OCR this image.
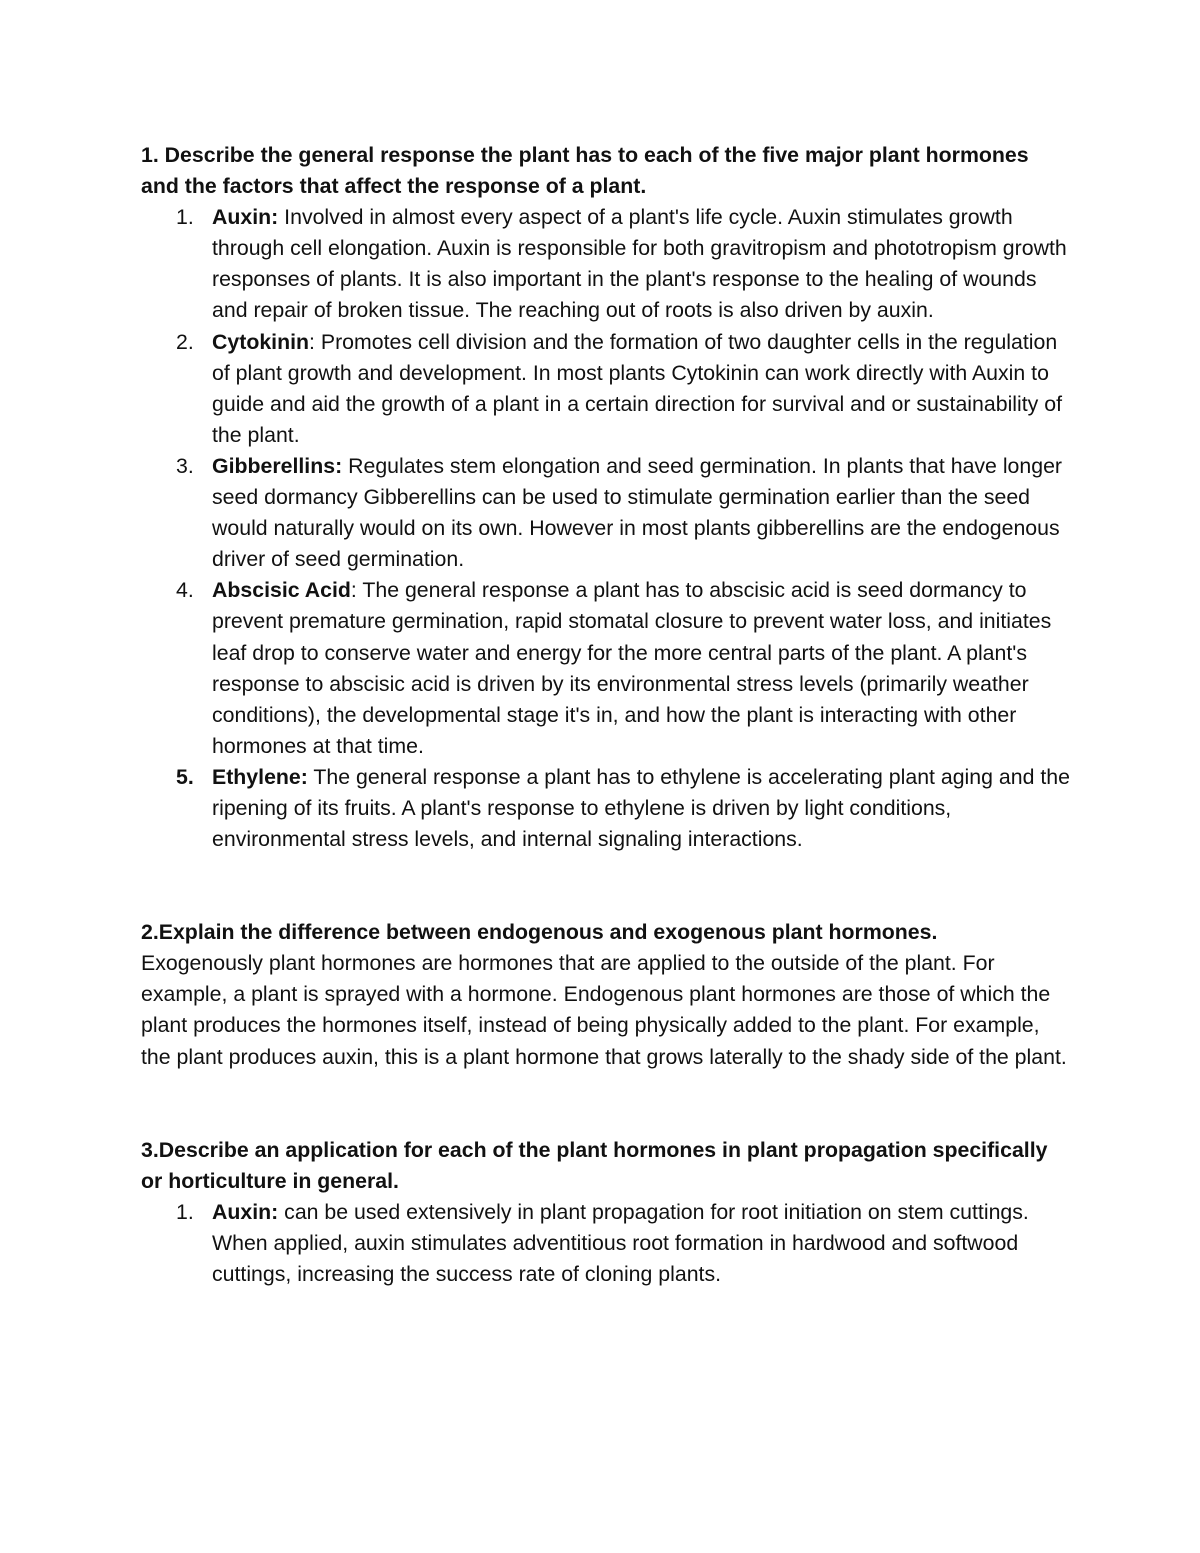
1. Describe the general response the plant has to each of the five major plant hormones and the factors that affect the response of a plant.

1. Auxin: Involved in almost every aspect of a plant's life cycle. Auxin stimulates growth through cell elongation. Auxin is responsible for both gravitropism and phototropism growth responses of plants. It is also important in the plant's response to the healing of wounds and repair of broken tissue. The reaching out of roots is also driven by auxin.
2. Cytokinin: Promotes cell division and the formation of two daughter cells in the regulation of plant growth and development. In most plants Cytokinin can work directly with Auxin to guide and aid the growth of a plant in a certain direction for survival and or sustainability of the plant.
3. Gibberellins: Regulates stem elongation and seed germination. In plants that have longer seed dormancy Gibberellins can be used to stimulate germination earlier than the seed would naturally would on its own. However in most plants gibberellins are the endogenous driver of seed germination.
4. Abscisic Acid: The general response a plant has to abscisic acid is seed dormancy to prevent premature germination, rapid stomatal closure to prevent water loss, and initiates leaf drop to conserve water and energy for the more central parts of the plant. A plant's response to abscisic acid is driven by its environmental stress levels (primarily weather conditions), the developmental stage it's in, and how the plant is interacting with other hormones at that time.
5. Ethylene: The general response a plant has to ethylene is accelerating plant aging and the ripening of its fruits. A plant's response to ethylene is driven by light conditions, environmental stress levels, and internal signaling interactions.

2.Explain the difference between endogenous and exogenous plant hormones.

Exogenously plant hormones are hormones that are applied to the outside of the plant. For example, a plant is sprayed with a hormone. Endogenous plant hormones are those of which the plant produces the hormones itself, instead of being physically added to the plant. For example, the plant produces auxin, this is a plant hormone that grows laterally to the shady side of the plant.

3.Describe an application for each of the plant hormones in plant propagation specifically or horticulture in general.

1. Auxin: can be used extensively in plant propagation for root initiation on stem cuttings. When applied, auxin stimulates adventitious root formation in hardwood and softwood cuttings, increasing the success rate of cloning plants.
